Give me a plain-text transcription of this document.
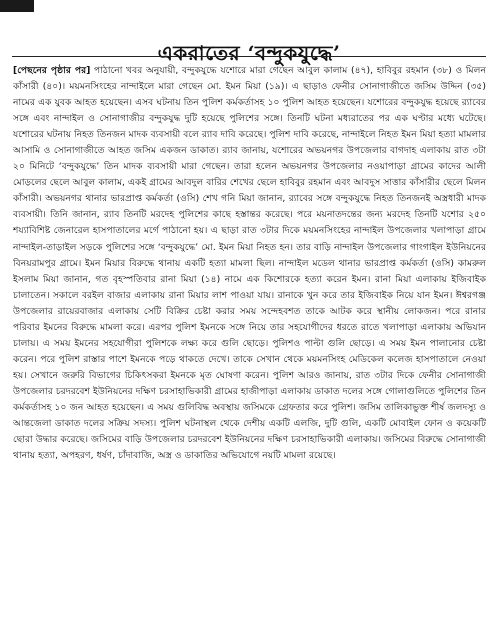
একরাতের ‘বন্দুকযুদ্ধে’

[পেছনের পৃষ্ঠার পর] পাঠানো খবর অনুযায়ী, বন্দুকযুদ্ধে যশোরে মারা গেছেন আবুল কালাম (৪৭), হাবিবুর রহমান (৩৮) ও মিলন কাঁসারী (৪০)। ময়মনসিংহের নান্দাইলে মারা গেছেন মো. ইমন মিয়া (১৯)। এ ছাড়াও ফেনীর সোনাগাজীতে জসিম উদ্দিন (৩৫) নামের এক যুবক আহত হয়েছেন। এসব ঘটনায় তিন পুলিশ কর্মকর্তাসহ ১০ পুলিশ আহত হয়েছেন। যশোরের বন্দুকযুদ্ধ হয়েছে র‌্যাবের সঙ্গে এবং নান্দাইল ও সোনাগাজীর বন্দুকযুদ্ধ দুটি হয়েছে পুলিশের সঙ্গে। তিনটি ঘটনা মধ্যরাতের পর এক ঘণ্টার মধ্যে ঘটেছে। যশোরের ঘটনায় নিহত তিনজন মাদক ব্যবসায়ী বলে র‌্যাব দাবি করেছে। পুলিশ দাবি করেছে, নান্দাইলে নিহত ইমন মিয়া হত্যা মামলার আসামি ও সোনাগাজীতে আহত জসিম একজন ডাকাত। র‌্যাব জানায়, যশোরের অভয়নগর উপজেলার বাগদাহ এলাকায় রাত ৩টা ২০ মিনিটে ‘বন্দুকযুদ্ধে’ তিন মাদক ব্যবসায়ী মারা গেছেন। তারা হলেন অভয়নগর উপজেলার নওয়াপাড়া গ্রামের কাদের আলী মোড়লের ছেলে আবুল কালাম, একই গ্রামের আবদুল বারির শেখের ছেলে হাবিবুর রহমান এবং আবদুস সাত্তার কাঁসারীর ছেলে মিলন কাঁসারী। অভয়নগর থানার ভারপ্রাপ্ত কর্মকর্তা (ওসি) শেখ গনি মিয়া জানান, র‌্যাবের সঙ্গে বন্দুকযুদ্ধে নিহত তিনজনই অস্ত্রধারী মাদক ব্যবসায়ী। তিনি জানান, র‌্যাব তিনটি মরদেহ পুলিশের কাছে হস্তান্তর করেছে। পরে ময়নাতদন্তের জন্য মরদেহ তিনটি যশোর ২৫০ শয্যাবিশিষ্ট জেনারেল হাসপাতালের মর্গে পাঠানো হয়। এ ছাড়া রাত ৩টার দিকে ময়মনসিংহের নান্দাইল উপজেলার খলাপাড়া গ্রামে নান্দাইল-তাড়াইল সড়কে পুলিশের সঙ্গে ‘বন্দুকযুদ্ধে’ মো. ইমন মিয়া নিহত হন। তার বাড়ি নান্দাইল উপজেলার গাংগাইল ইউনিয়নের বিনয়রামপুর গ্রামে। ইমন মিয়ার বিরুদ্ধে থানায় একটি হত্যা মামলা ছিল। নান্দাইল মডেল থানার ভারপ্রাপ্ত কর্মকর্তা (ওসি) কামরুল ইসলাম মিয়া জানান, গত বৃহস্পতিবার রানা মিয়া (১৪) নামে এক কিশোরকে হত্যা করেন ইমন। রানা মিয়া এলাকায় ইজিবাইক চালাতেন। সকালে বরইল বাজার এলাকায় রানা মিয়ার লাশ পাওয়া যায়। রানাকে খুন করে তার ইজিবাইক নিয়ে যান ইমন। ঈশ্বরগঞ্জ উপজেলার রায়েরবাজার এলাকায় সেটি বিক্রির চেষ্টা করার সময় সন্দেহবশত তাকে আটক করে স্থানীয় লোকজন। পরে রানার পরিবার ইমনের বিরুদ্ধে মামলা করে। এরপর পুলিশ ইমনকে সঙ্গে নিয়ে তার সহযোগীদের ধরতে রাতে খলাপাড়া এলাকায় অভিযান চালায়। এ সময় ইমনের সহযোগীরা পুলিশকে লক্ষ্য করে গুলি ছোড়ে। পুলিশও পাল্টা গুলি ছোড়ে। এ সময় ইমন পালানোর চেষ্টা করেন। পরে পুলিশ রাস্তার পাশে ইমনকে পড়ে থাকতে দেখে। তাকে সেখান থেকে ময়মনসিংহ মেডিকেল কলেজ হাসপাতালে নেওয়া হয়। সেখানে জরুরি বিভাগের চিকিৎসকরা ইমনকে মৃত ঘোষণা করেন। পুলিশ আরও জানায়, রাত ৩টার দিকে ফেনীর সোনাগাজী উপজেলার চরদরবেশ ইউনিয়নের দক্ষিণ চরসাহাভিকারী গ্রামের হাজীপাড়া এলাকায় ডাকাত দলের সঙ্গে গোলাগুলিতে পুলিশের তিন কর্মকর্তাসহ ১০ জন আহত হয়েছেন। এ সময় গুলিবিদ্ধ অবস্থায় জসিমকে গ্রেফতার করে পুলিশ। জসিম তালিকাভুক্ত শীর্ষ জলদস্যু ও আন্তজেলা ডাকাত দলের সক্রিয় সদস্য। পুলিশ ঘটনাস্থল থেকে দেশীয় একটি এলজি, দুটি গুলি, একটি মোবাইল ফোন ও কয়েকটি ছোরা উদ্ধার করেছে। জসিমের বাড়ি উপজেলার চরদরবেশ ইউনিয়নের দক্ষিণ চরসাহাভিকারী এলাকায়। জসিমের বিরুদ্ধে সোনাগাজী থানায় হত্যা, অপহরণ, ধর্ষণ, চাঁদাবাজি, অস্ত্র ও ডাকাতির অভিযোগে নয়টি মামলা রয়েছে।
